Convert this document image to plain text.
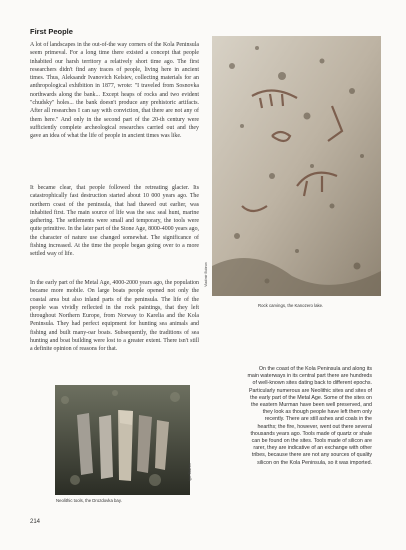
First People
A lot of landscapes in the out-of-the way corners of the Kola Peninsula seem primeval. For a long time there existed a concept that people inhabited our harsh territory a relatively short time ago. The first researchers didn't find any traces of people, living here in ancient times. Thus, Aleksandr Ivanovich Kelsiev, collecting materials for an anthropological exhibition in 1877, wrote: "I traveled from Sosnovka northwards along the bank... Except heaps of rocks and two evident "chudsky" holes... the bank doesn't produce any prehistoric artifacts. After all researches I can say with conviction, that there are not any of them here." And only in the second part of the 20-th century were sufficiently complete archeological researches carried out and they gave an idea of what the life of people in ancient times was like.
It became clear, that people followed the retreating glacier. Its catastrophically fast destruction started about 10 000 years ago. The northern coast of the peninsula, that had thawed out earlier, was inhabited first. The main source of life was the sea: seal hunt, marine gathering. The settlements were small and temporary, the tools were quite primitive. In the later part of the Stone Age, 8000-4000 years ago, the character of nature use changed somewhat. The significance of fishing increased. At the time the people began going over to a more settled way of life.
In the early part of the Metal Age, 4000-2000 years ago, the population became more mobile. On large boats people opened not only the coastal area but also inland parts of the peninsula. The life of the people was vividly reflected in the rock paintings, that they left throughout Northern Europe, from Norway to Karelia and the Kola Peninsula. They had perfect equipment for hunting sea animals and fishing and built many-oar boats. Subsequently, the traditions of sea hunting and boat building were lost to a greater extent. There isn't still a definite opinion of reasons for that.
Vladimir Bubnov
Rock carvings, the Kanozero lake.
Igor Bazhev
Neolithic tools, the Drozdovka bay.
On the coast of the Kola Peninsula and along its main waterways in its central part there are hundreds of well-known sites dating back to different epochs. Particularly numerous are Neolithic sites and sites of the early part of the Metal Age. Some of the sites on the eastern Murman have been well preserved, and they look as though people have left them only recently. There are still ashes and coals in the hearths; the fire, however, went out there several thousands years ago. Tools made of quartz or shale can be found on the sites. Tools made of silicon are rarer, they are indicative of an exchange with other tribes, because there are not any sources of quality silicon on the Kola Peninsula, so it was imported.
214
